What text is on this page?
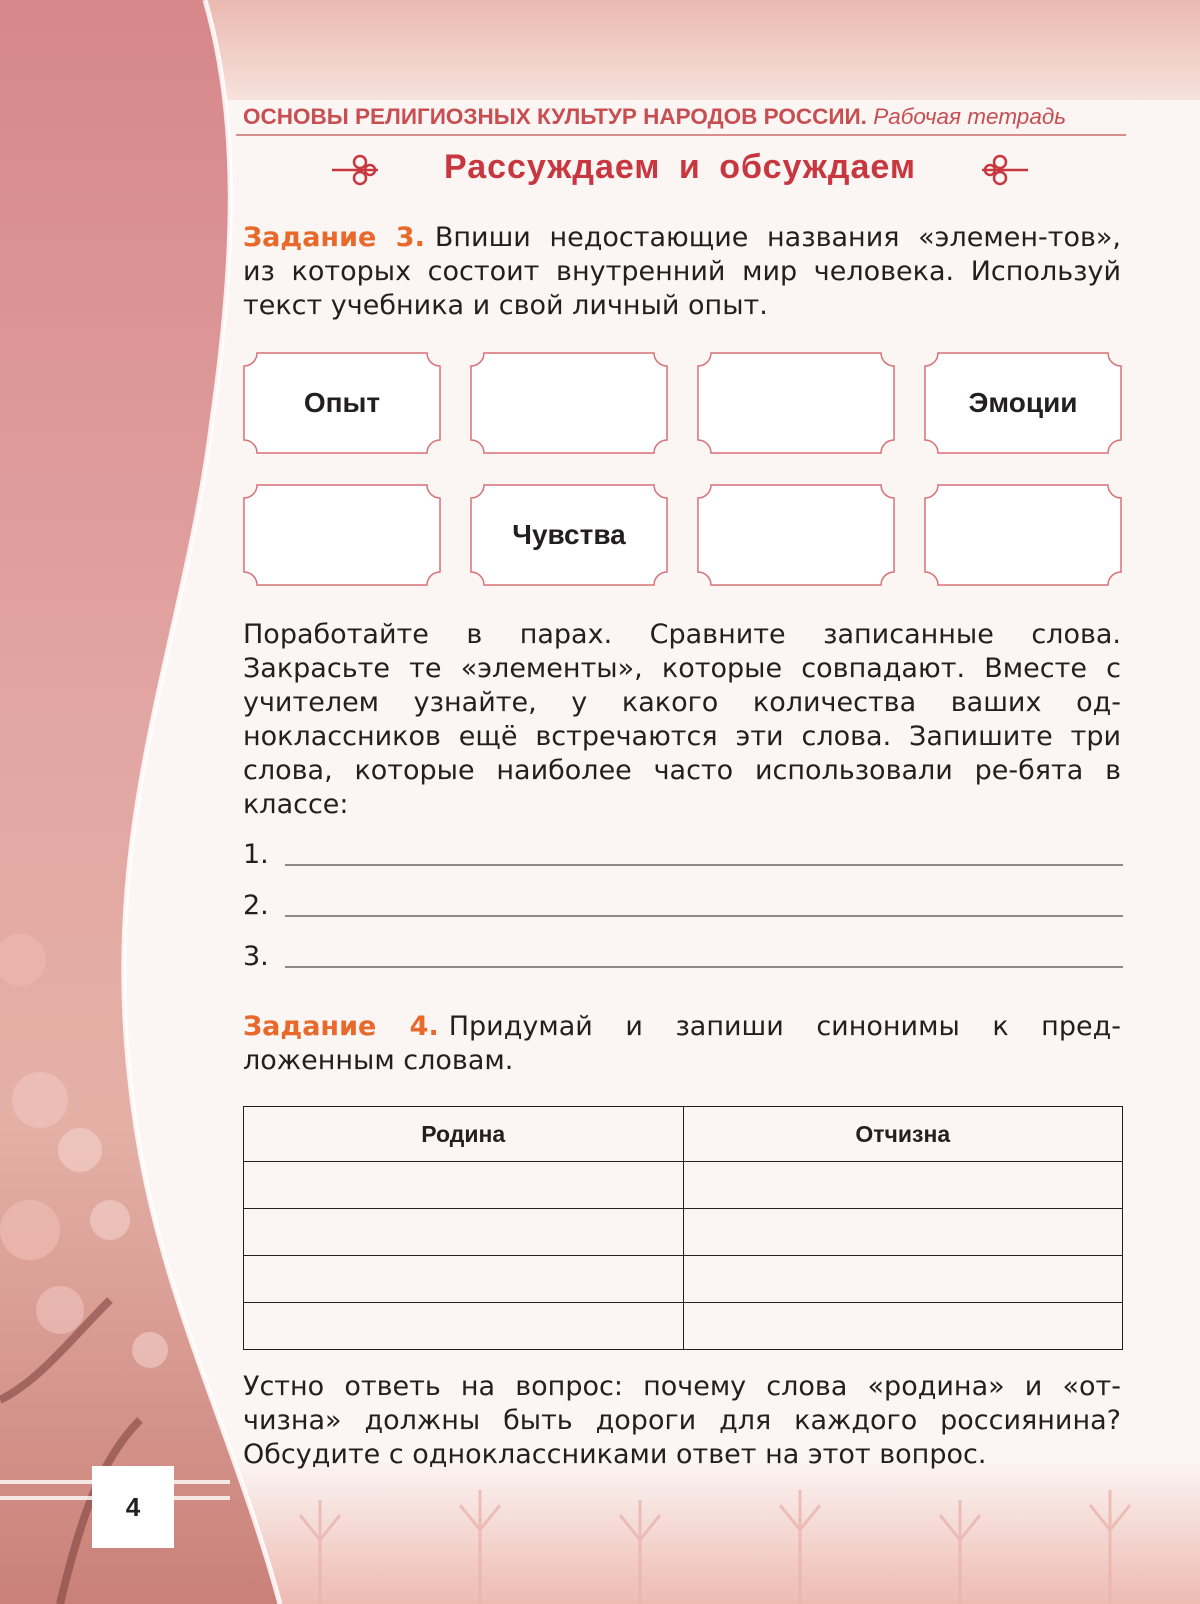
ОСНОВЫ РЕЛИГИОЗНЫХ КУЛЬТУР НАРОДОВ РОССИИ. Рабочая тетрадь
Рассуждаем и обсуждаем
Задание 3. Впиши недостающие названия «элемен-тов», из которых состоит внутренний мир человека. Используй текст учебника и свой личный опыт.
Опыт	Эмоции
Чувства
Поработайте в парах. Сравните записанные слова. Закрасьте те «элементы», которые совпадают. Вместе с учителем узнайте, у какого количества ваших од-ноклассников ещё встречаются эти слова. Запишите три слова, которые наиболее часто использовали ре-бята в классе:
1.
2.
3.
Задание 4. Придумай и запиши синонимы к пред-ложенным словам.
Родина	Отчизна

Устно ответь на вопрос: почему слова «родина» и «от-чизна» должны быть дороги для каждого россиянина? Обсудите с одноклассниками ответ на этот вопрос.
4
